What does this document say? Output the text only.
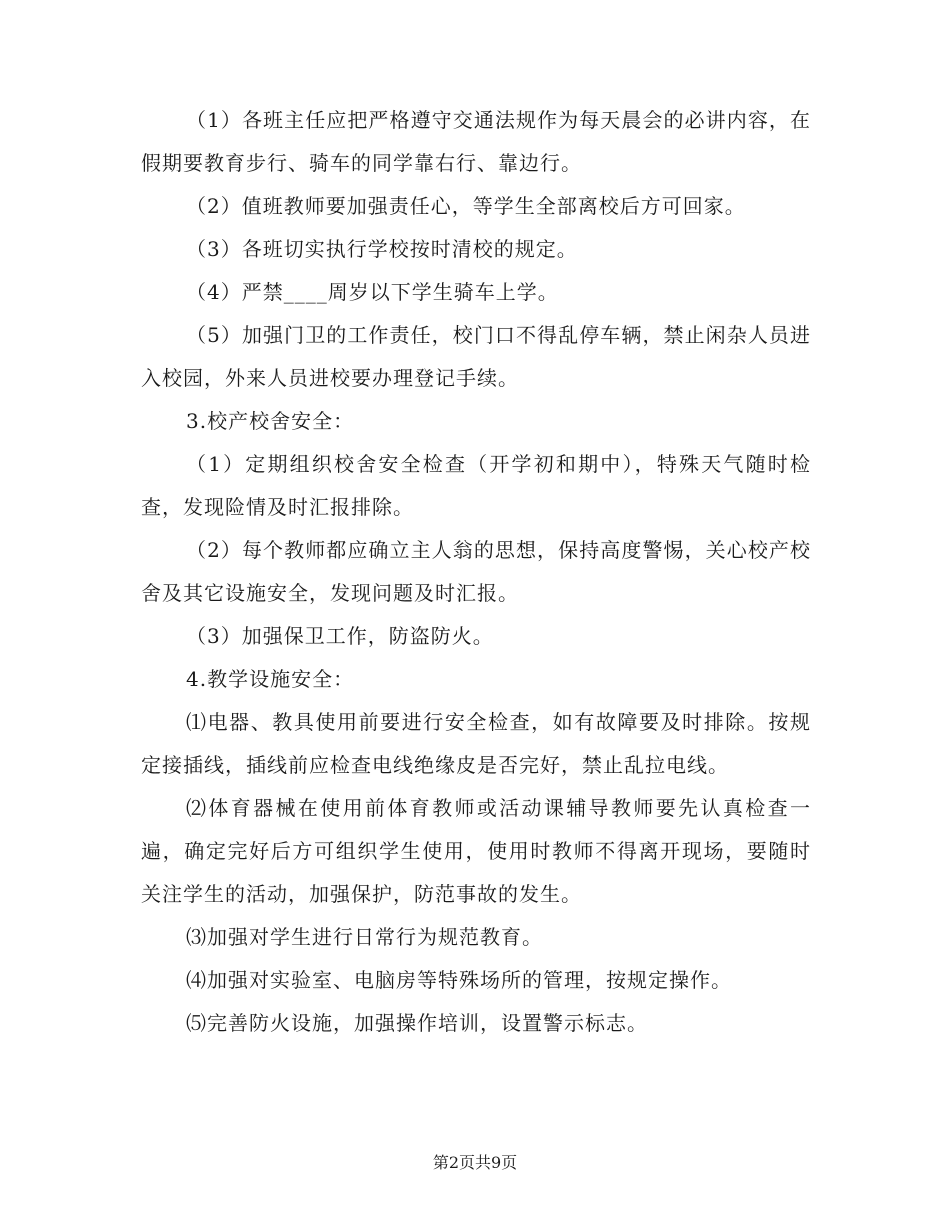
（1）各班主任应把严格遵守交通法规作为每天晨会的必讲内容，在假期要教育步行、骑车的同学靠右行、靠边行。

（2）值班教师要加强责任心，等学生全部离校后方可回家。

（3）各班切实执行学校按时清校的规定。

（4）严禁____周岁以下学生骑车上学。

（5）加强门卫的工作责任，校门口不得乱停车辆，禁止闲杂人员进入校园，外来人员进校要办理登记手续。

3.校产校舍安全：

（1）定期组织校舍安全检查（开学初和期中），特殊天气随时检查，发现险情及时汇报排除。

（2）每个教师都应确立主人翁的思想，保持高度警惕，关心校产校舍及其它设施安全，发现问题及时汇报。

（3）加强保卫工作，防盗防火。

4.教学设施安全：

⑴电器、教具使用前要进行安全检查，如有故障要及时排除。按规定接插线，插线前应检查电线绝缘皮是否完好，禁止乱拉电线。

⑵体育器械在使用前体育教师或活动课辅导教师要先认真检查一遍，确定完好后方可组织学生使用，使用时教师不得离开现场，要随时关注学生的活动，加强保护，防范事故的发生。

⑶加强对学生进行日常行为规范教育。

⑷加强对实验室、电脑房等特殊场所的管理，按规定操作。

⑸完善防火设施，加强操作培训，设置警示标志。

第2页共9页
